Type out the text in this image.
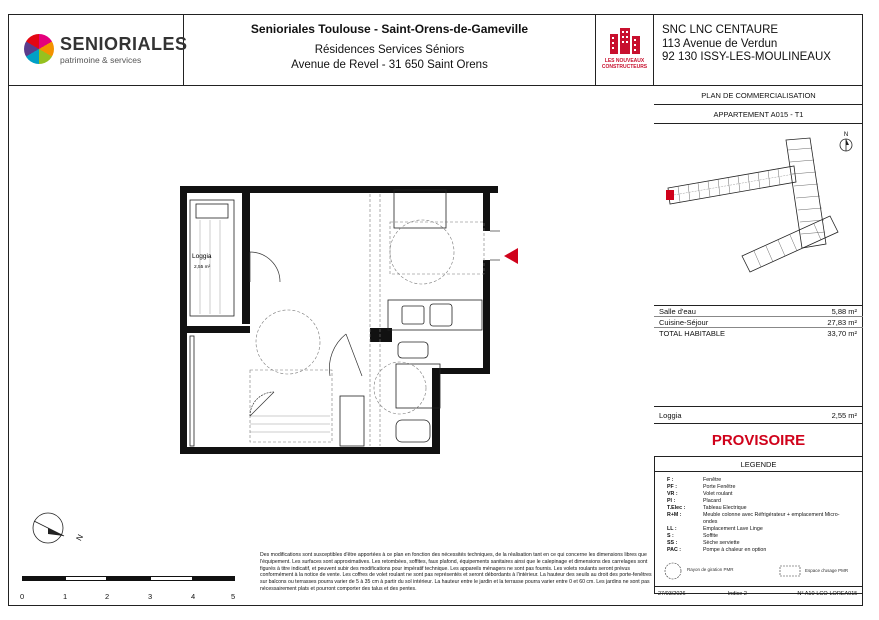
SENIORIALES
patrimoine & services
Senioriales Toulouse - Saint-Orens-de-Gameville
Résidences Services Séniors
Avenue de Revel - 31 650 Saint Orens	LES NOUVEAUX CONSTRUCTEURS
SNC LNC CENTAURE
113 Avenue de Verdun
92 130 ISSY-LES-MOULINEAUX
PLAN DE COMMERCIALISATION
APPARTEMENT A015 - T1
N
Salle d'eau	5,88 m²
Cuisine-Séjour	27,83 m²
TOTAL HABITABLE	33,70 m²
Loggia	2,55 m²
PROVISOIRE
LEGENDE
F :	Fenêtre
PF :	Porte Fenêtre
VR :	Volet roulant
Pl :	Placard
T.Elec :	Tableau Electrique
R+M :	Meuble colonne avec Réfrigérateur + emplacement Micro-ondes
LL :	Emplacement Lave Linge
S :	Soffite
SS :	Sèche serviette
PAC :	Pompe à chaleur en option
Rayon de giration PMR	Espace d'usage PMR
27/03/2026	Indice 2	N° A10-LCO-LOREA015
Loggia
2,55 m²
N
0	1	2	3	4	5
Des modifications sont susceptibles d'être apportées à ce plan en fonction des nécessités techniques, de la réalisation tant en ce qui concerne les dimensions libres que l'équipement. Les surfaces sont approximatives. Les retombées, soffites, faux plafond, équipements sanitaires ainsi que le calepinage et dimensions des carrelages sont figurés à titre indicatif, et peuvent subir des modifications pour impératif technique. Les appareils ménagers ne sont pas fournis. Les volets roulants seront prévus conformément à la notice de vente. Les coffres de volet roulant ne sont pas représentés et seront débordants à l'intérieur. La hauteur des seuils au droit des porte-fenêtres sur balcons ou terrasses pourra varier de 5 à 35 cm à partir du sol intérieur. La hauteur entre le jardin et la terrasse pourra varier entre 0 et 60 cm. Les jardins ne sont pas nécessairement plats et pourront comporter des talus et des pentes.
